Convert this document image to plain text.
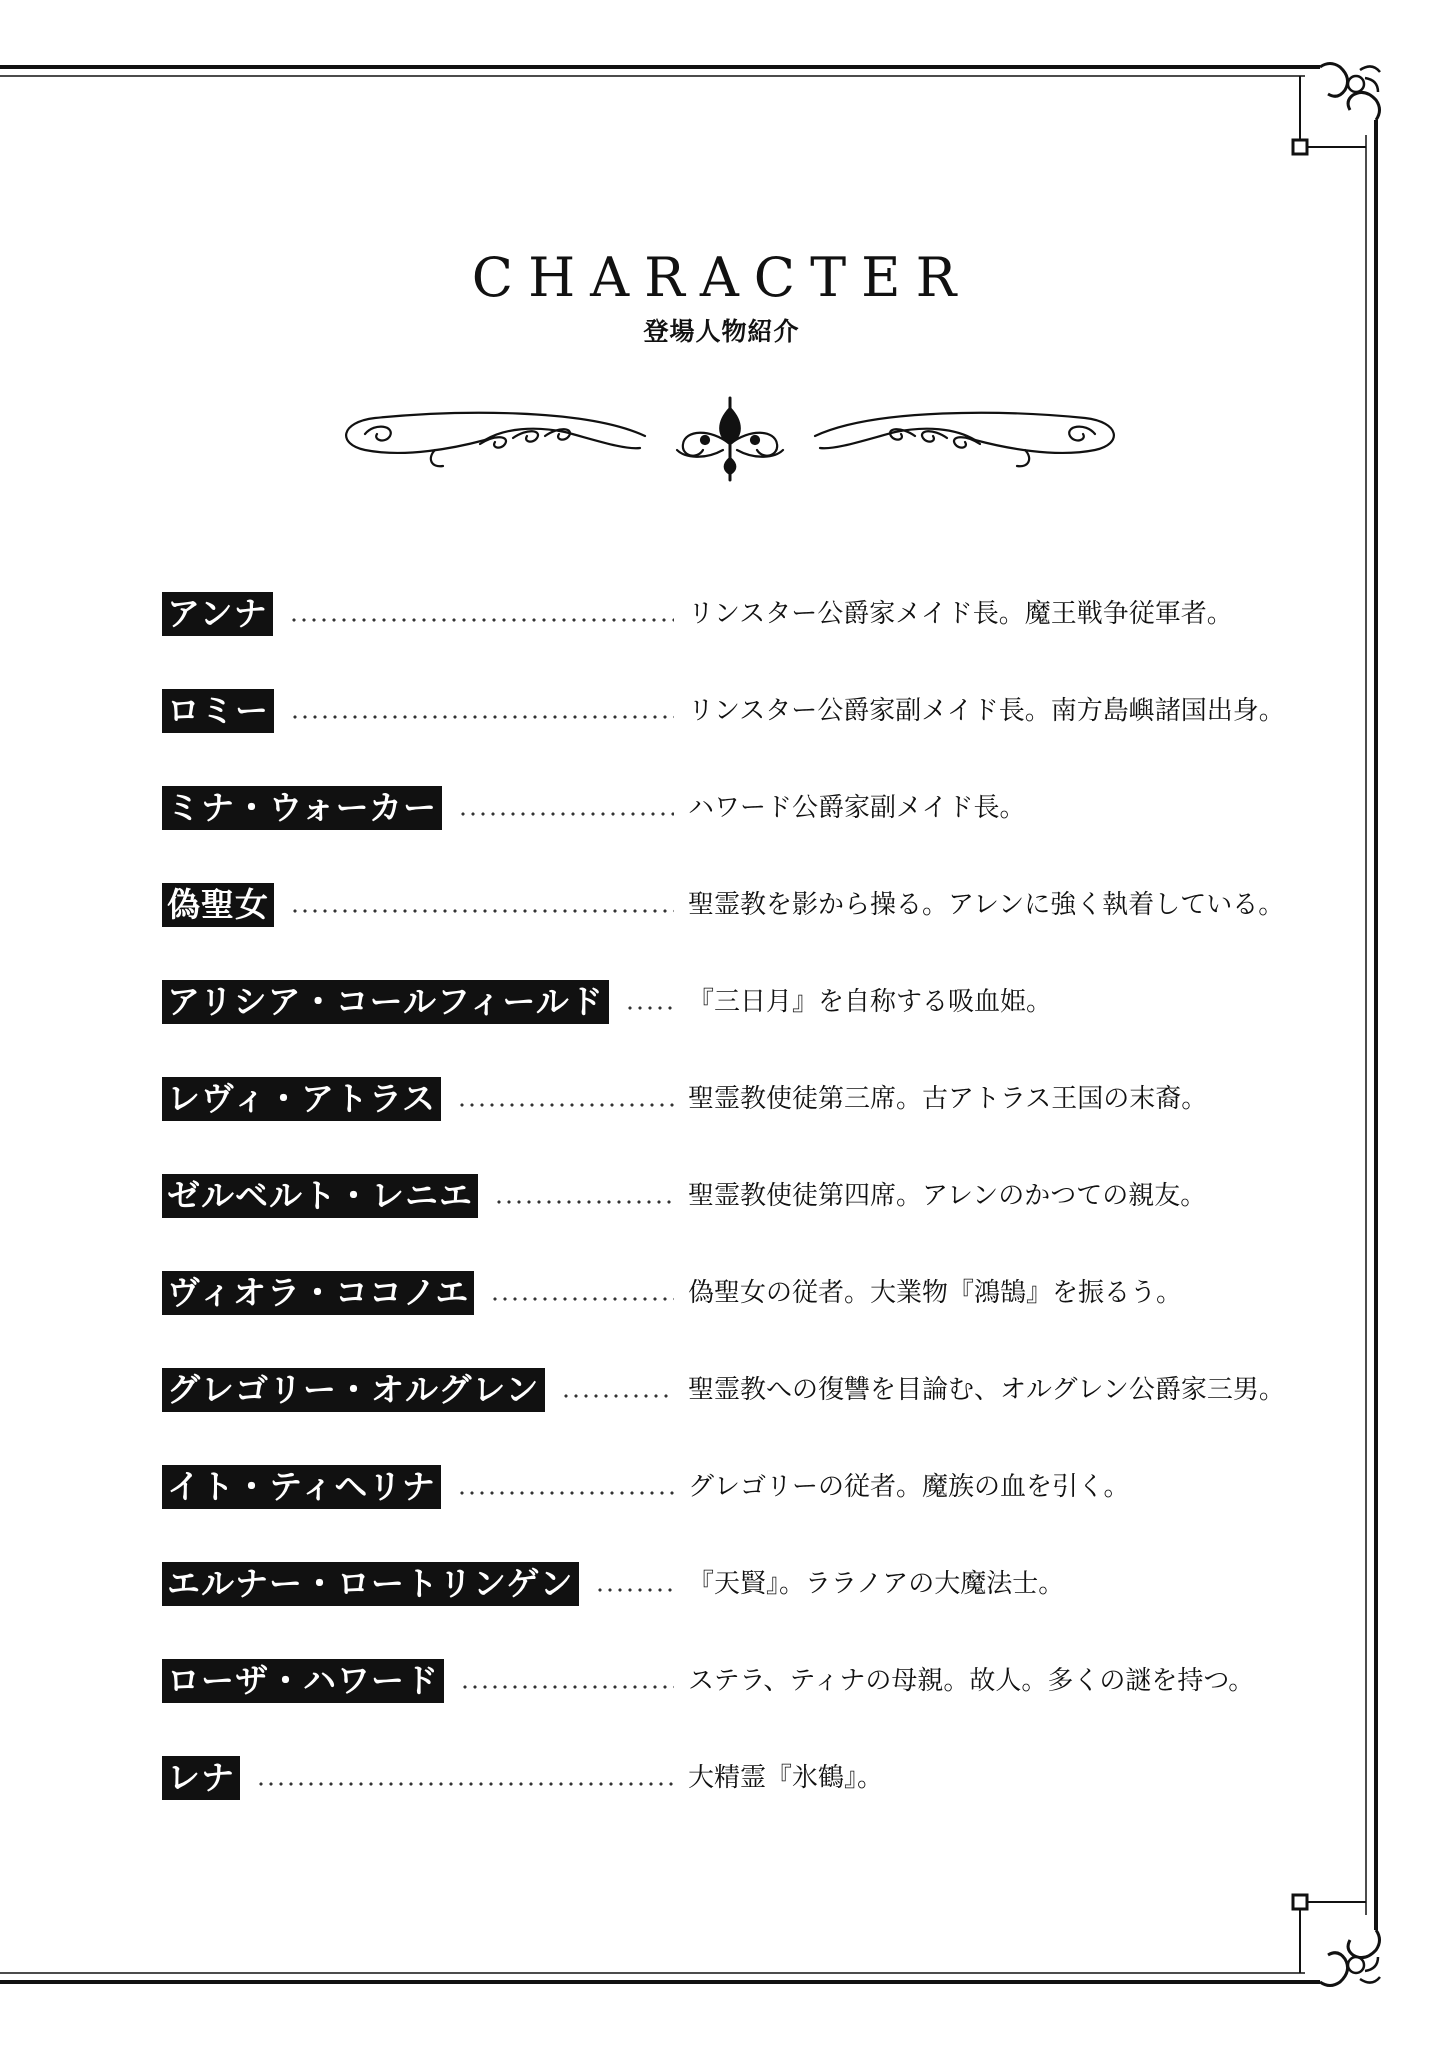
CHARACTER
登場人物紹介
アンナ	リンスター公爵家メイド長。魔王戦争従軍者。
ロミー	リンスター公爵家副メイド長。南方島嶼諸国出身。
ミナ・ウォーカー	ハワード公爵家副メイド長。
偽聖女	聖霊教を影から操る。アレンに強く執着している。
アリシア・コールフィールド	『三日月』を自称する吸血姫。
レヴィ・アトラス	聖霊教使徒第三席。古アトラス王国の末裔。
ゼルベルト・レニエ	聖霊教使徒第四席。アレンのかつての親友。
ヴィオラ・ココノエ	偽聖女の従者。大業物『鴻鵠』を振るう。
グレゴリー・オルグレン	聖霊教への復讐を目論む、オルグレン公爵家三男。
イト・ティヘリナ	グレゴリーの従者。魔族の血を引く。
エルナー・ロートリンゲン	『天賢』。ララノアの大魔法士。
ローザ・ハワード	ステラ、ティナの母親。故人。多くの謎を持つ。
レナ	大精霊『氷鶴』。
